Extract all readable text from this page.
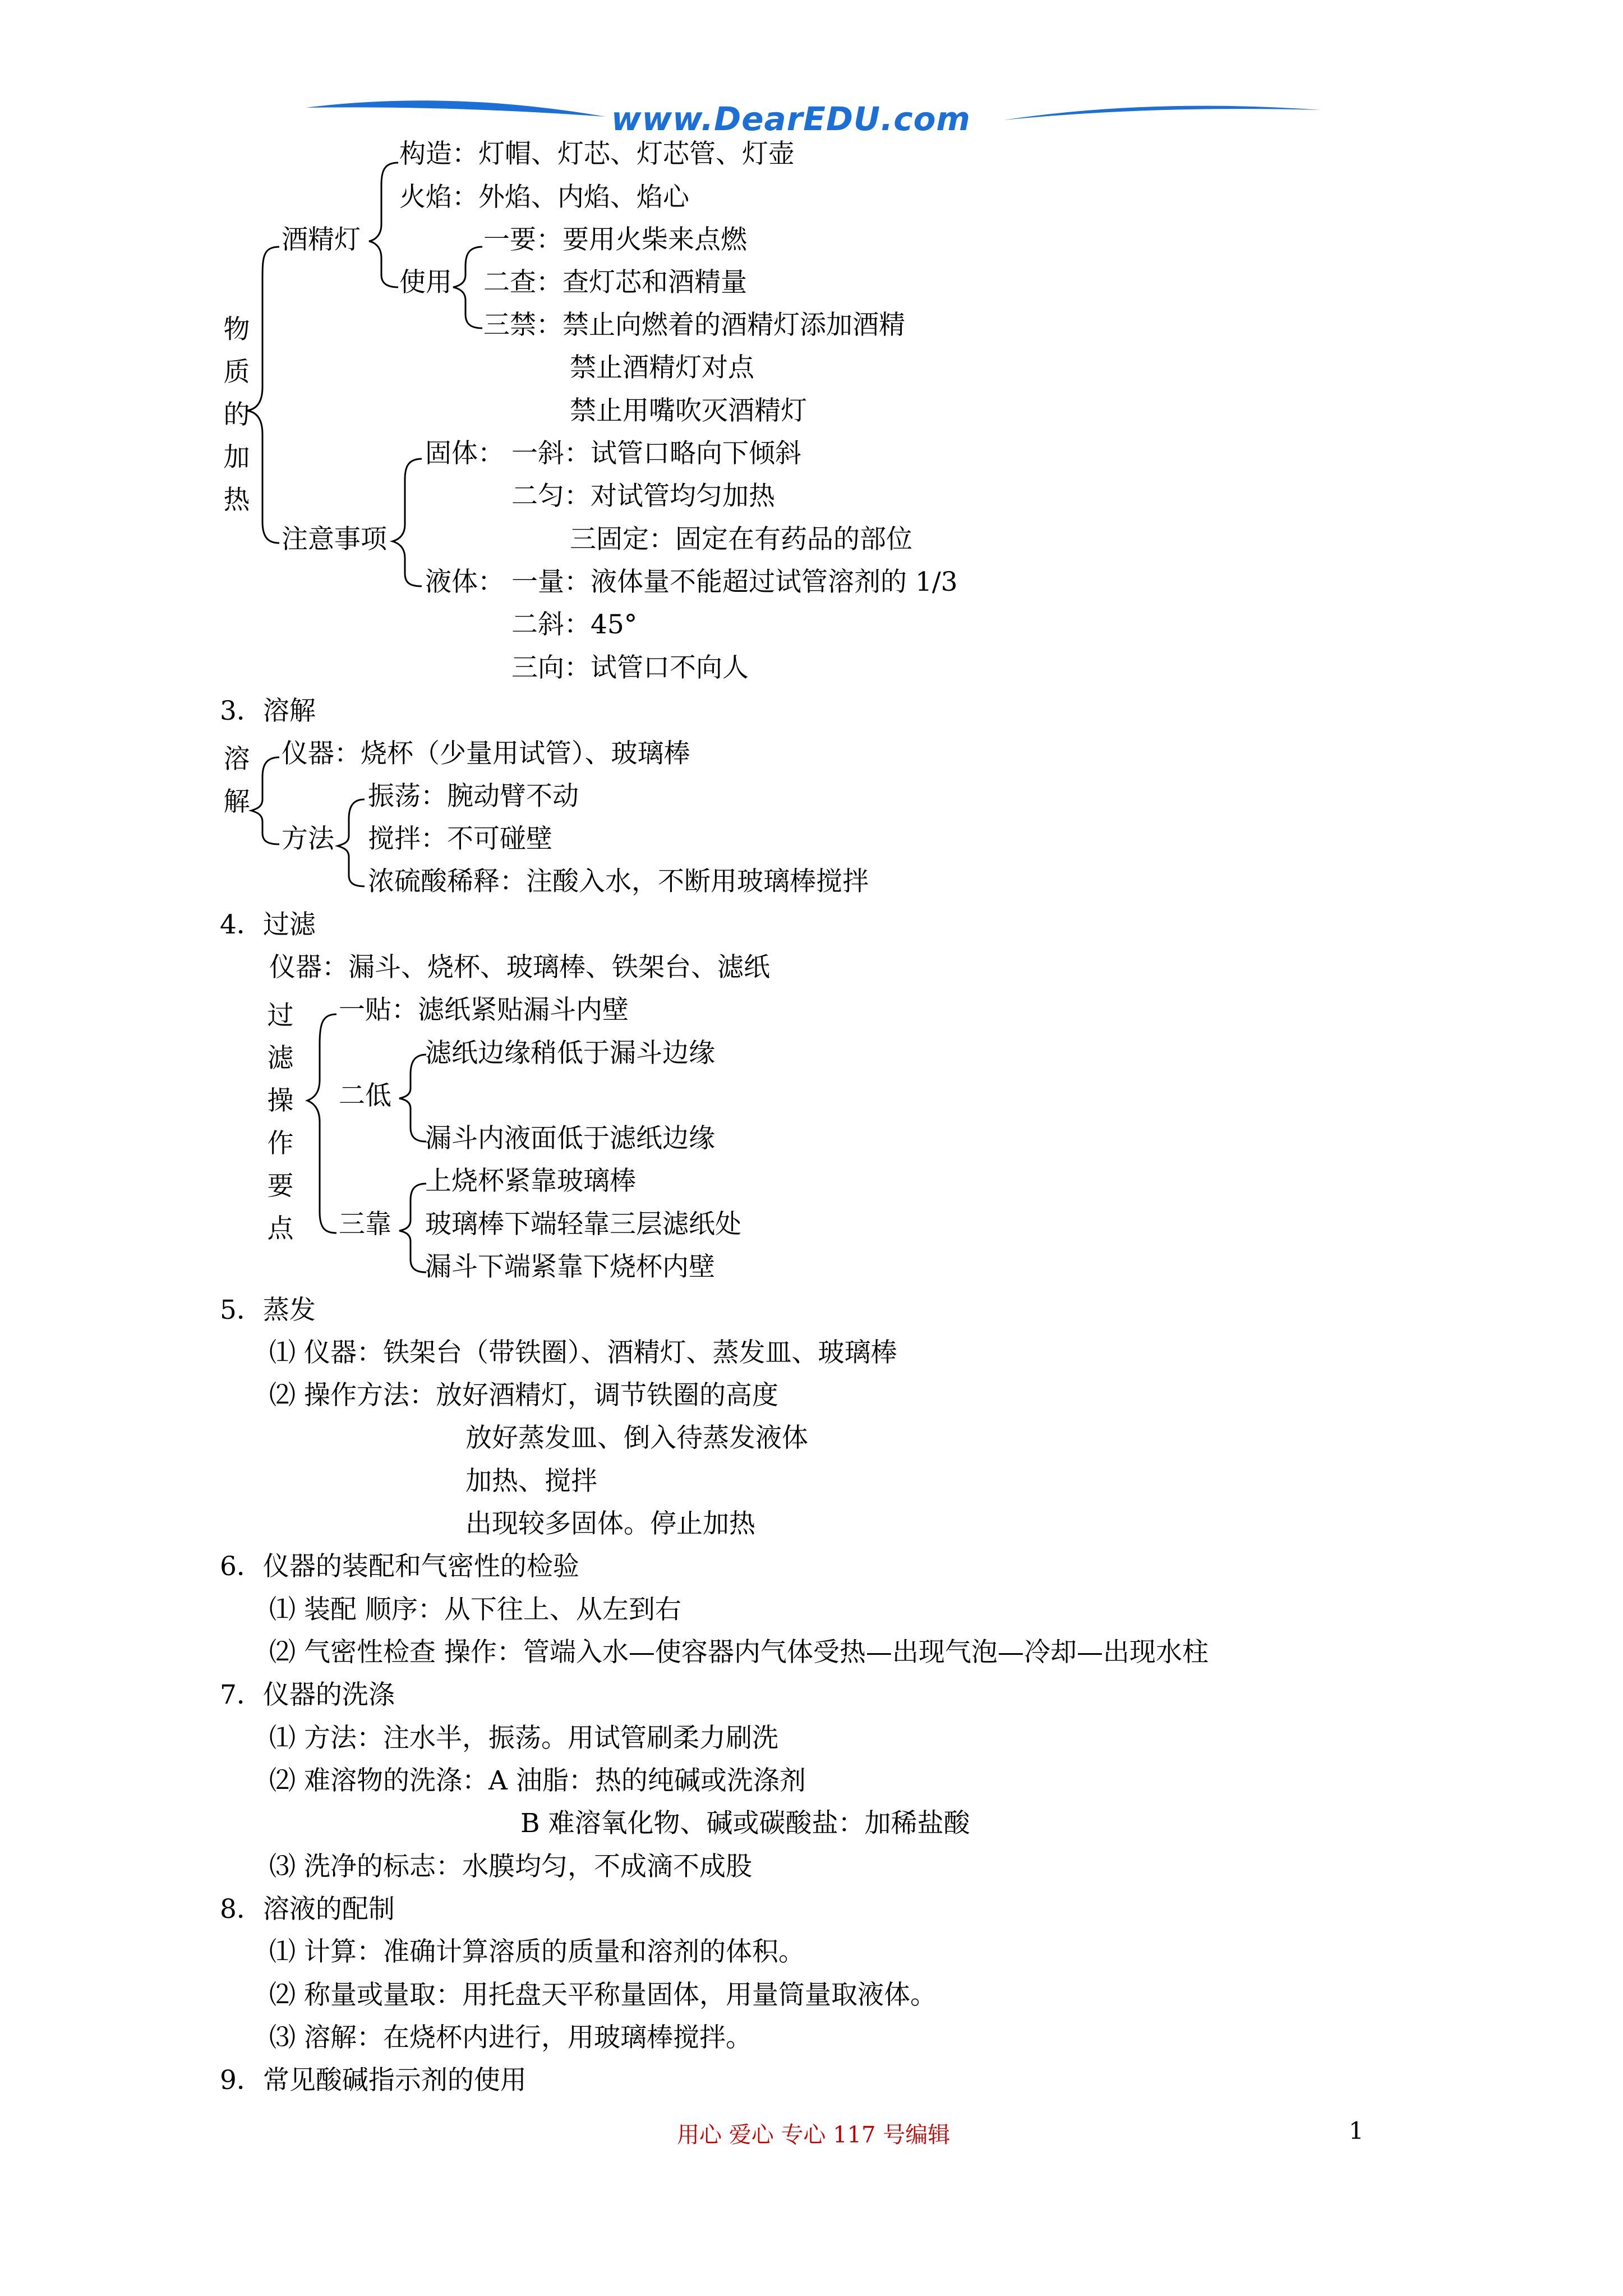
www.DearEDU.com
物
质
的
加
热
酒精灯
构造：灯帽、灯芯、灯芯管、灯壶
火焰：外焰、内焰、焰心
使用
一要：要用火柴来点燃
二查：查灯芯和酒精量
三禁：禁止向燃着的酒精灯添加酒精
禁止酒精灯对点
禁止用嘴吹灭酒精灯
注意事项
固体： 一斜：试管口略向下倾斜
二匀：对试管均匀加热
三固定：固定在有药品的部位
液体： 一量：液体量不能超过试管溶剂的 1/3
二斜：45°
三向：试管口不向人
3．溶解
溶
解
仪器：烧杯（少量用试管）、玻璃棒
方法
振荡：腕动臂不动
搅拌：不可碰壁
浓硫酸稀释：注酸入水，不断用玻璃棒搅拌
4．过滤
仪器：漏斗、烧杯、玻璃棒、铁架台、滤纸
过
滤
操
作
要
点
一贴：滤纸紧贴漏斗内壁
二低
滤纸边缘稍低于漏斗边缘
漏斗内液面低于滤纸边缘
三靠
上烧杯紧靠玻璃棒
玻璃棒下端轻靠三层滤纸处
漏斗下端紧靠下烧杯内壁
5．蒸发
⑴ 仪器：铁架台（带铁圈）、酒精灯、蒸发皿、玻璃棒
⑵ 操作方法：放好酒精灯，调节铁圈的高度
放好蒸发皿、倒入待蒸发液体
加热、搅拌
出现较多固体。停止加热
6．仪器的装配和气密性的检验
⑴ 装配 顺序：从下往上、从左到右
⑵ 气密性检查 操作：管端入水—使容器内气体受热—出现气泡—冷却—出现水柱
7．仪器的洗涤
⑴ 方法：注水半，振荡。用试管刷柔力刷洗
⑵ 难溶物的洗涤：A 油脂：热的纯碱或洗涤剂
B 难溶氧化物、碱或碳酸盐：加稀盐酸
⑶ 洗净的标志：水膜均匀，不成滴不成股
8．溶液的配制
⑴ 计算：准确计算溶质的质量和溶剂的体积。
⑵ 称量或量取：用托盘天平称量固体，用量筒量取液体。
⑶ 溶解：在烧杯内进行，用玻璃棒搅拌。
9．常见酸碱指示剂的使用
用心 爱心 专心 117 号编辑	1
